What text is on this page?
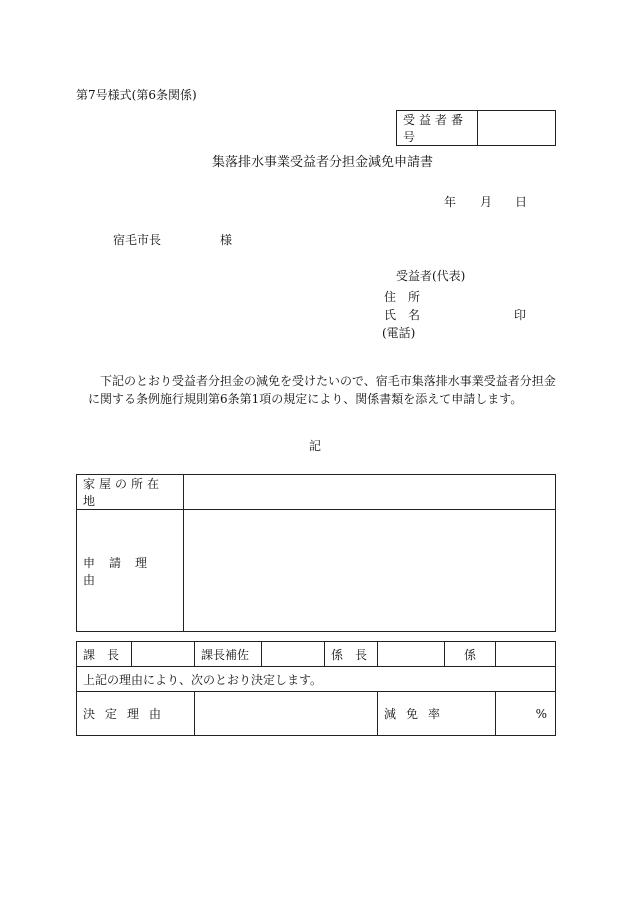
第7号様式(第6条関係)
受益者番号	
集落排水事業受益者分担金減免申請書
年 月 日
宿毛市長	様
受益者(代表)
住　所
氏　名	印
(電話)
下記のとおり受益者分担金の減免を受けたいので、宿毛市集落排水事業受益者分担金
に関する条例施行規則第6条第1項の規定により、関係書類を添えて申請します。
記
家屋の所在地	
申請理由	
課　長		課長補佐		係　長		係	
上記の理由により、次のとおり決定します。							
決定理由					減免率		%
